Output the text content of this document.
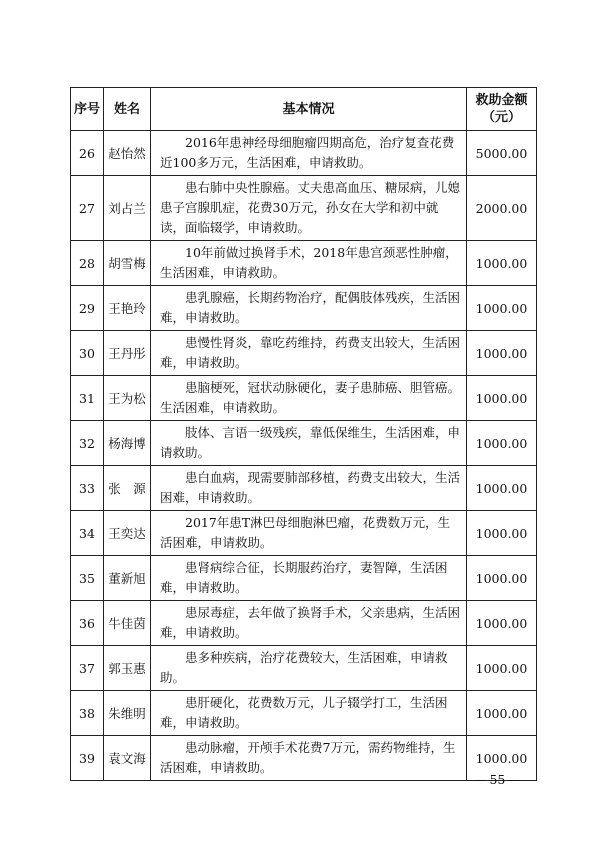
序号	姓名	基本情况	救助金额（元）
26	赵怡然	2016年患神经母细胞瘤四期高危，治疗复查花费近100多万元，生活困难，申请救助。	5000.00
27	刘占兰	患右肺中央性腺癌。丈夫患高血压、糖尿病，儿媳患子宫腺肌症，花费30万元，孙女在大学和初中就读，面临辍学，申请救助。	2000.00
28	胡雪梅	10年前做过换肾手术，2018年患宫颈恶性肿瘤，生活困难，申请救助。	1000.00
29	王艳玲	患乳腺癌，长期药物治疗，配偶肢体残疾，生活困难，申请救助。	1000.00
30	王丹彤	患慢性肾炎，靠吃药维持，药费支出较大，生活困难，申请救助。	1000.00
31	王为松	患脑梗死，冠状动脉硬化，妻子患肺癌、胆管癌。生活困难，申请救助。	1000.00
32	杨海博	肢体、言语一级残疾，靠低保维生，生活困难，申请救助。	1000.00
33	张　源	患白血病，现需要肺部移植，药费支出较大，生活困难，申请救助。	1000.00
34	王奕达	2017年患T淋巴母细胞淋巴瘤，花费数万元，生活困难，申请救助。	1000.00
35	董新旭	患肾病综合征，长期服药治疗，妻智障，生活困难，申请救助。	1000.00
36	牛佳茵	患尿毒症，去年做了换肾手术，父亲患病，生活困难，申请救助。	1000.00
37	郭玉惠	患多种疾病，治疗花费较大，生活困难，申请救助。	1000.00
38	朱维明	患肝硬化，花费数万元，儿子辍学打工，生活困难，申请救助。	1000.00
39	袁文海	患动脉瘤，开颅手术花费7万元，需药物维持，生活困难，申请救助。	1000.00
— 55 —
